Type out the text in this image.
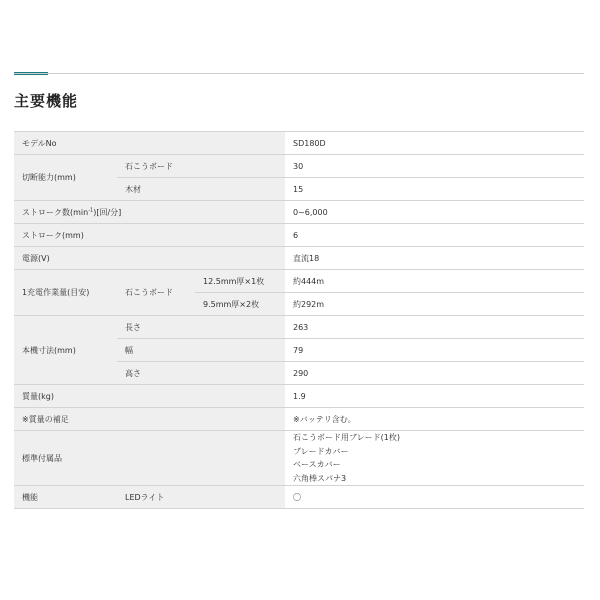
主要機能
モデルNo			SD180D
切断能力(mm)	石こうボード		30
	木材		15
ストローク数$(\min^{-1})$[回/分]			0~6,000
ストローク(mm)			6
電源(V)			直流18
1充電作業量(目安)	石こうボード	12.5mm厚×1枚	約444m
		9.5mm厚×2枚	約292m
本機寸法(mm)	長さ		263
	幅		79
	高さ		290
質量(kg)			1.9
※質量の補足			※バッテリ含む。
標準付属品			石こうボード用ブレード(1枚)
ブレードカバー
ベースカバー
六角棒スパナ3

機能	LEDライト		〇
